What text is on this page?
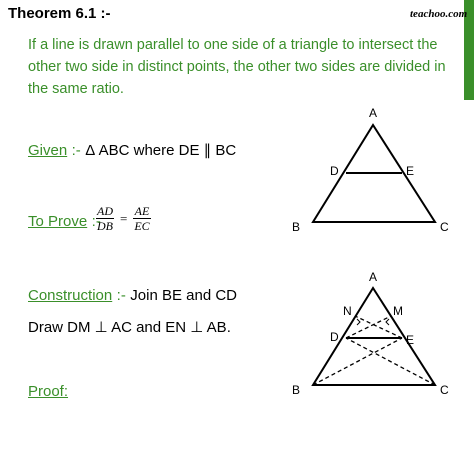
Theorem 6.1 :-	teachoo.com
If a line is drawn parallel to one side of a triangle to intersect the other two side in distinct points, the other two sides are divided in the same ratio.
Given :- Δ ABC where DE ∥ BC
To Prove :-
$\frac{AD}{DB} = \frac{AE}{EC}$
Construction :- Join BE and CD
Draw DM ⊥ AC and EN ⊥ AB.
Proof:
A
B	C
D	E
A
B	C
D	E
N	M
